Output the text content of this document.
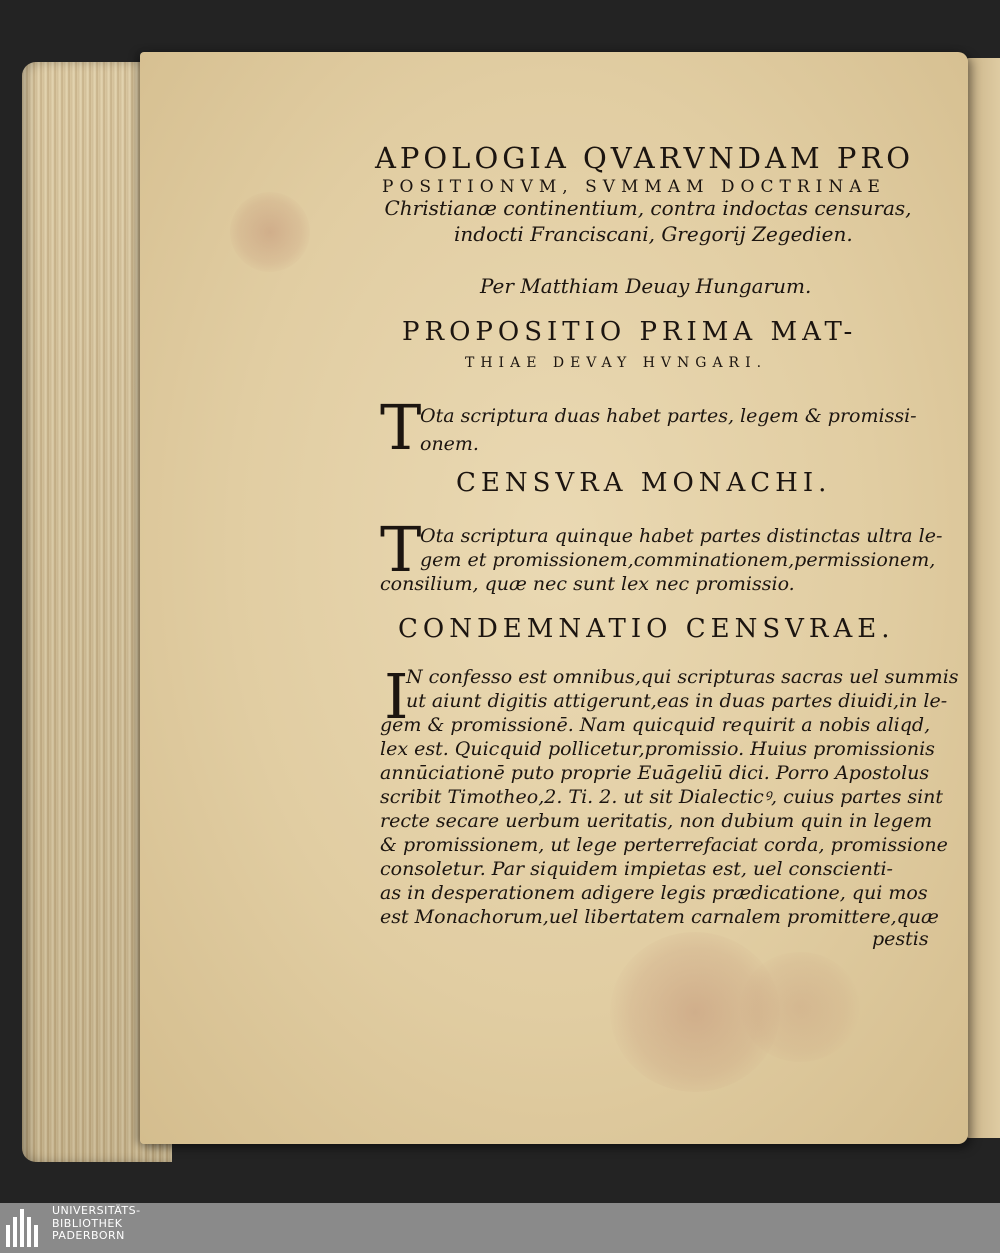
APOLOGIA QVARVNDAM PRO
POSITIONVM, SVMMAM DOCTRINAE
Christianæ continentium, contra indoctas censuras,
indocti Franciscani, Gregorij Zegedien.
Per Matthiam Deuay Hungarum.
PROPOSITIO PRIMA MAT-
THIAE DEVAY HVNGARI.
T
Ota scriptura duas habet partes, legem & promissi-
onem.
CENSVRA MONACHI.
T
Ota scriptura quinque habet partes distinctas ultra le-
gem et promissionem,comminationem,permissionem,
consilium, quæ nec sunt lex nec promissio.
CONDEMNATIO CENSVRAE.
I
N confesso est omnibus,qui scripturas sacras uel summis
ut aiunt digitis attigerunt,eas in duas partes diuidi,in le-
gem & promissionē. Nam quicquid requirit a nobis aliqd,
lex est. Quicquid pollicetur,promissio. Huius promissionis
annūciationē puto proprie Euāgeliū dici. Porro Apostolus
scribit Timotheo,2. Ti. 2. ut sit Dialecticꝰ, cuius partes sint
recte secare uerbum ueritatis, non dubium quin in legem
& promissionem, ut lege perterrefaciat corda, promissione
consoletur. Par siquidem impietas est, uel conscienti-
as in desperationem adigere legis prædicatione, qui mos
est Monachorum,uel libertatem carnalem promittere,quæ
pestis
UNIVERSITÄTS-
BIBLIOTHEK
PADERBORN
